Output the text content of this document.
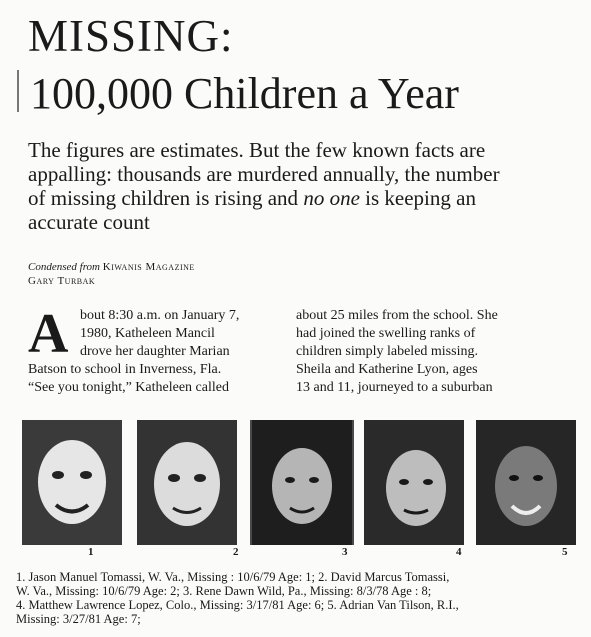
MISSING:
100,000 Children a Year
The figures are estimates. But the few known facts are
appalling: thousands are murdered annually, the number
of missing children is rising and no one is keeping an
accurate count
Condensed from Kiwanis Magazine
Gary Turbak
A bout 8:30 a.m. on January 7,
1980, Katheleen Mancil
drove her daughter Marian
Batson to school in Inverness, Fla.
“See you tonight,” Katheleen called
about 25 miles from the school. She
had joined the swelling ranks of
children simply labeled missing.
Sheila and Katherine Lyon, ages
13 and 11, journeyed to a suburban
1	2	3	4	5
1. Jason Manuel Tomassi, W. Va., Missing : 10/6/79 Age: 1; 2. David Marcus Tomassi,
W. Va., Missing: 10/6/79 Age: 2; 3. Rene Dawn Wild, Pa., Missing: 8/3/78 Age : 8;
4. Matthew Lawrence Lopez, Colo., Missing: 3/17/81 Age: 6; 5. Adrian Van Tilson, R.I.,
Missing: 3/27/81 Age: 7;
